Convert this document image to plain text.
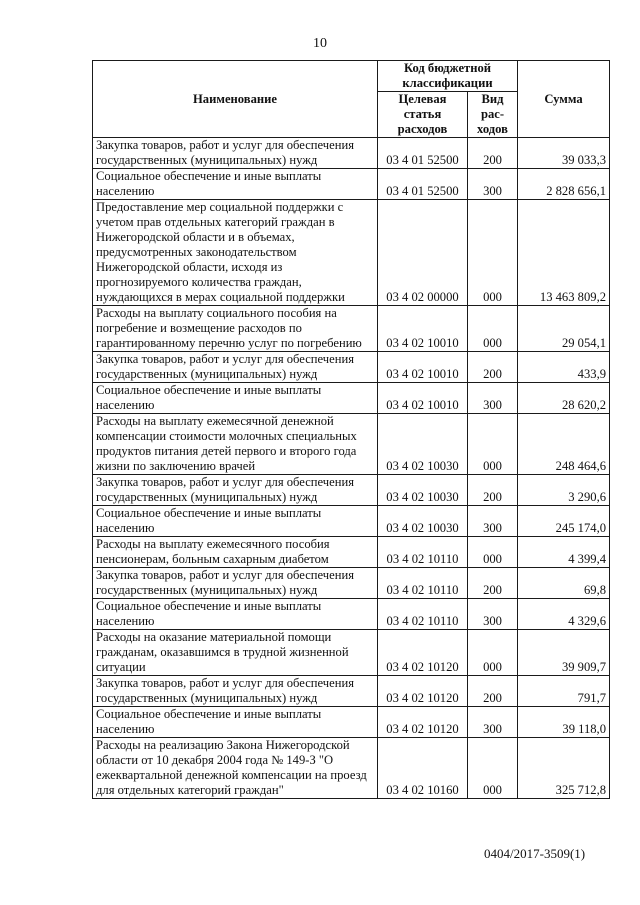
10
Наименование	Код бюджетной классификации		Сумма
	Целевая статья расходов	Вид рас-ходов	
Закупка товаров, работ и услуг для обеспечения государственных (муниципальных) нужд	03 4 01 52500	200	39 033,3
Социальное обеспечение и иные выплаты населению	03 4 01 52500	300	2 828 656,1
Предоставление мер социальной поддержки с учетом прав отдельных категорий граждан в Нижегородской области и в объемах, предусмотренных законодательством Нижегородской области, исходя из прогнозируемого количества граждан, нуждающихся в мерах социальной поддержки	03 4 02 00000	000	13 463 809,2
Расходы на выплату социального пособия на погребение и возмещение расходов по гарантированному перечню услуг по погребению	03 4 02 10010	000	29 054,1
Закупка товаров, работ и услуг для обеспечения государственных (муниципальных) нужд	03 4 02 10010	200	433,9
Социальное обеспечение и иные выплаты населению	03 4 02 10010	300	28 620,2
Расходы на выплату ежемесячной денежной компенсации стоимости молочных специальных продуктов питания детей первого и второго года жизни по заключению врачей	03 4 02 10030	000	248 464,6
Закупка товаров, работ и услуг для обеспечения государственных (муниципальных) нужд	03 4 02 10030	200	3 290,6
Социальное обеспечение и иные выплаты населению	03 4 02 10030	300	245 174,0
Расходы на выплату ежемесячного пособия пенсионерам, больным сахарным диабетом	03 4 02 10110	000	4 399,4
Закупка товаров, работ и услуг для обеспечения государственных (муниципальных) нужд	03 4 02 10110	200	69,8
Социальное обеспечение и иные выплаты населению	03 4 02 10110	300	4 329,6
Расходы на оказание материальной помощи гражданам, оказавшимся в трудной жизненной ситуации	03 4 02 10120	000	39 909,7
Закупка товаров, работ и услуг для обеспечения государственных (муниципальных) нужд	03 4 02 10120	200	791,7
Социальное обеспечение и иные выплаты населению	03 4 02 10120	300	39 118,0
Расходы на реализацию Закона Нижегородской области от 10 декабря 2004 года № 149-З "О ежеквартальной денежной компенсации на проезд для отдельных категорий граждан"	03 4 02 10160	000	325 712,8
0404/2017-3509(1)
